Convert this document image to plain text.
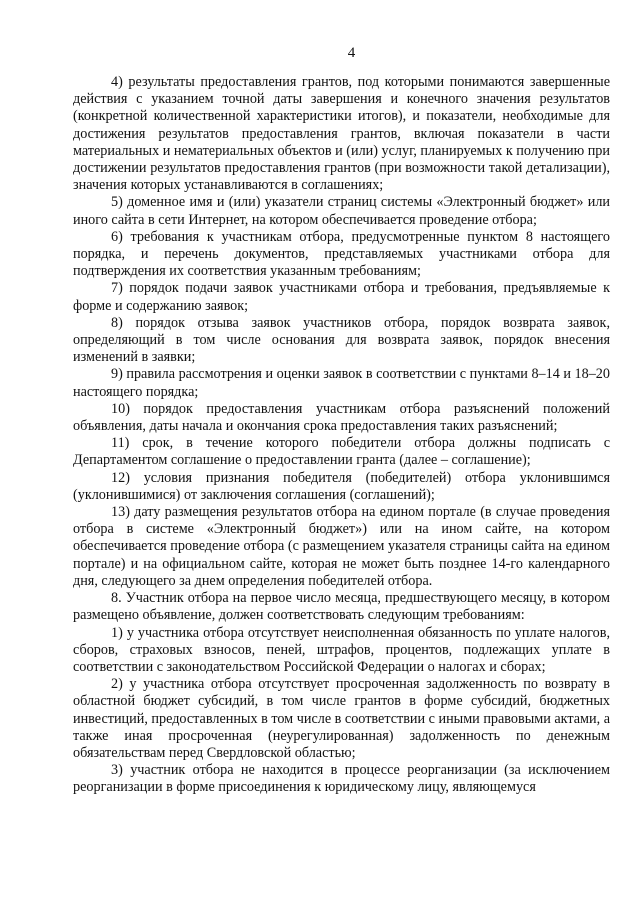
4

4) результаты предоставления грантов, под которыми понимаются завершенные действия с указанием точной даты завершения и конечного значения результатов (конкретной количественной характеристики итогов), и показатели, необходимые для достижения результатов предоставления грантов, включая показатели в части материальных и нематериальных объектов и (или) услуг, планируемых к получению при достижении результатов предоставления грантов (при возможности такой детализации), значения которых устанавливаются в соглашениях;

5) доменное имя и (или) указатели страниц системы «Электронный бюджет» или иного сайта в сети Интернет, на котором обеспечивается проведение отбора;

6) требования к участникам отбора, предусмотренные пунктом 8 настоящего порядка, и перечень документов, представляемых участниками отбора для подтверждения их соответствия указанным требованиям;

7) порядок подачи заявок участниками отбора и требования, предъявляемые к форме и содержанию заявок;

8) порядок отзыва заявок участников отбора, порядок возврата заявок, определяющий в том числе основания для возврата заявок, порядок внесения изменений в заявки;

9) правила рассмотрения и оценки заявок в соответствии с пунктами 8–14 и 18–20 настоящего порядка;

10) порядок предоставления участникам отбора разъяснений положений объявления, даты начала и окончания срока предоставления таких разъяснений;

11) срок, в течение которого победители отбора должны подписать с Департаментом соглашение о предоставлении гранта (далее – соглашение);

12) условия признания победителя (победителей) отбора уклонившимся (уклонившимися) от заключения соглашения (соглашений);

13) дату размещения результатов отбора на едином портале (в случае проведения отбора в системе «Электронный бюджет») или на ином сайте, на котором обеспечивается проведение отбора (с размещением указателя страницы сайта на едином портале) и на официальном сайте, которая не может быть позднее 14-го календарного дня, следующего за днем определения победителей отбора.

8. Участник отбора на первое число месяца, предшествующего месяцу, в котором размещено объявление, должен соответствовать следующим требованиям:

1) у участника отбора отсутствует неисполненная обязанность по уплате налогов, сборов, страховых взносов, пеней, штрафов, процентов, подлежащих уплате в соответствии с законодательством Российской Федерации о налогах и сборах;

2) у участника отбора отсутствует просроченная задолженность по возврату в областной бюджет субсидий, в том числе грантов в форме субсидий, бюджетных инвестиций, предоставленных в том числе в соответствии с иными правовыми актами, а также иная просроченная (неурегулированная) задолженность по денежным обязательствам перед Свердловской областью;

3) участник отбора не находится в процессе реорганизации (за исключением реорганизации в форме присоединения к юридическому лицу, являющемуся
